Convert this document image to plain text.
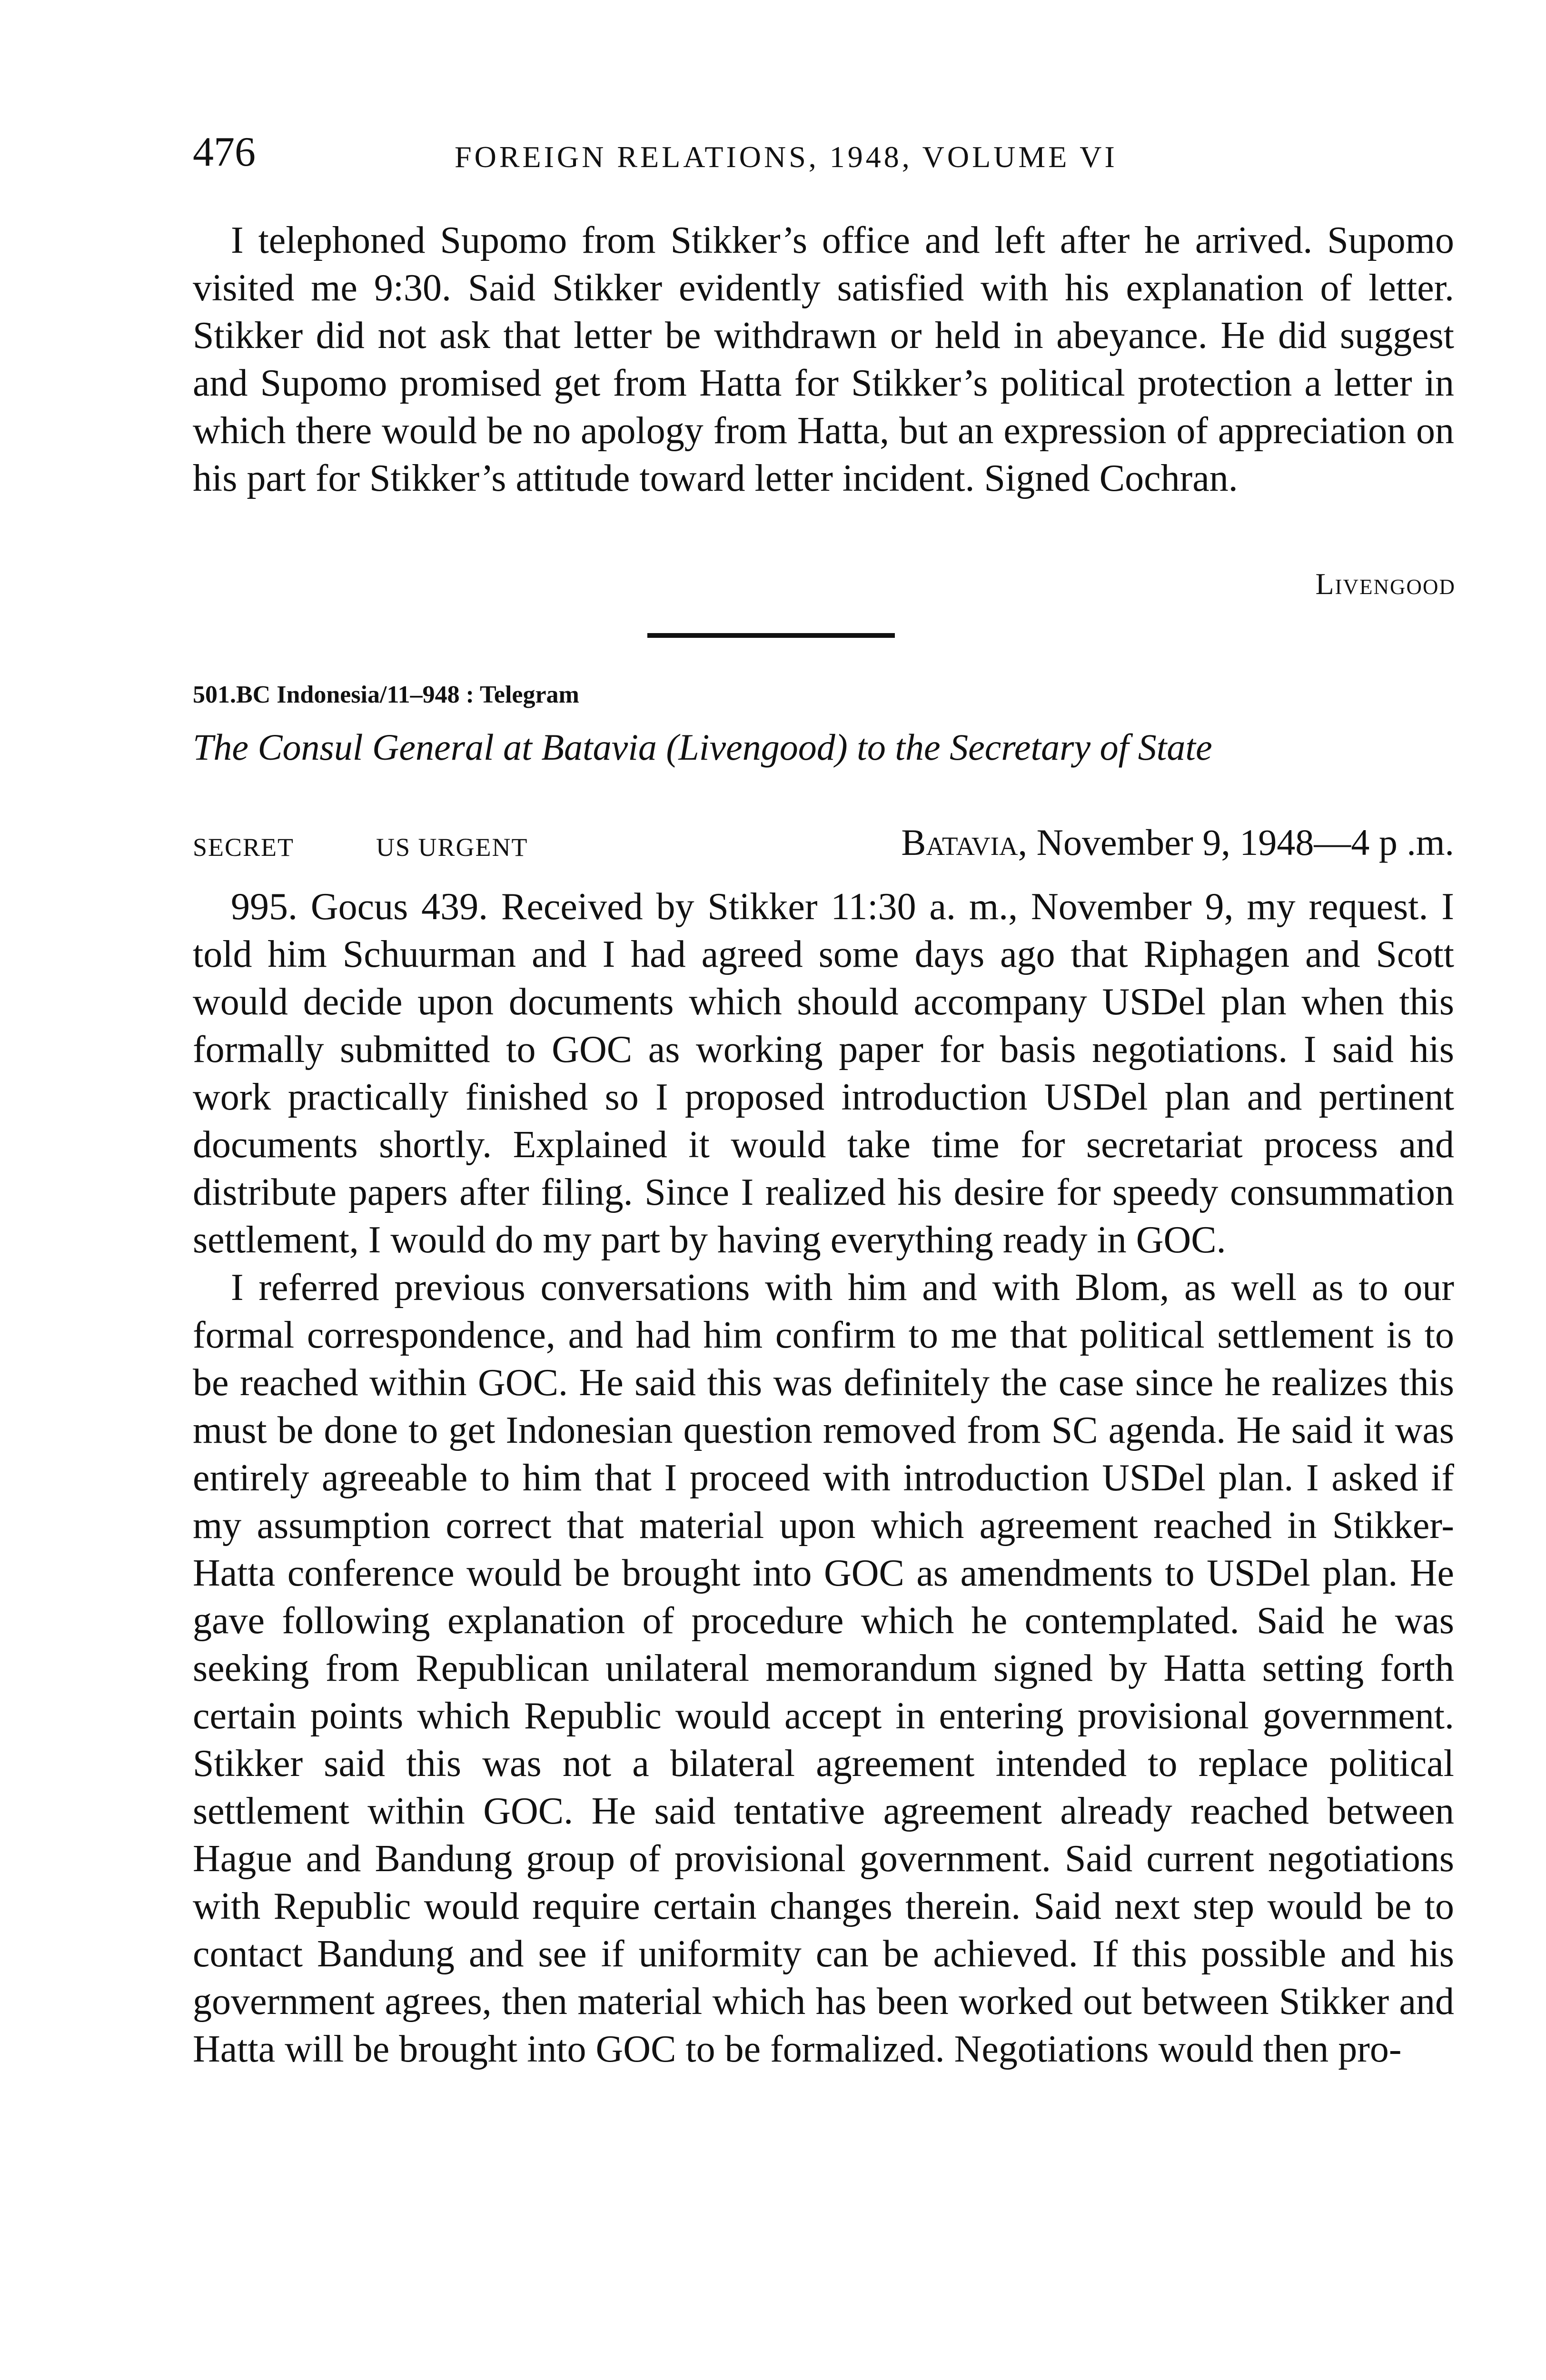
476	FOREIGN RELATIONS, 1948, VOLUME VI

I telephoned Supomo from Stikker’s office and left after he arrived. Supomo visited me 9:30. Said Stikker evidently satisfied with his explanation of letter. Stikker did not ask that letter be withdrawn or held in abeyance. He did suggest and Supomo promised get from Hatta for Stikker’s political protection a letter in which there would be no apology from Hatta, but an expression of appreciation on his part for Stikker’s attitude toward letter incident. Signed Cochran.

Livengood
501.BC Indonesia/11–948 : Telegram
The Consul General at Batavia (Livengood) to the Secretary of State
SECRET	US URGENT	Batavia, November 9, 1948—4 p .m.

995. Gocus 439. Received by Stikker 11:30 a. m., November 9, my request. I told him Schuurman and I had agreed some days ago that Riphagen and Scott would decide upon documents which should accompany USDel plan when this formally submitted to GOC as working paper for basis negotiations. I said his work practically finished so I proposed introduction USDel plan and pertinent documents shortly. Explained it would take time for secretariat process and distribute papers after filing. Since I realized his desire for speedy consummation settlement, I would do my part by having everything ready in GOC.

I referred previous conversations with him and with Blom, as well as to our formal correspondence, and had him confirm to me that political settlement is to be reached within GOC. He said this was definitely the case since he realizes this must be done to get Indonesian question removed from SC agenda. He said it was entirely agreeable to him that I proceed with introduction USDel plan. I asked if my assumption correct that material upon which agreement reached in Stikker-Hatta conference would be brought into GOC as amendments to USDel plan. He gave following explanation of procedure which he contemplated. Said he was seeking from Republican unilateral memorandum signed by Hatta setting forth certain points which Republic would accept in entering provisional government. Stikker said this was not a bilateral agreement intended to replace political settlement within GOC. He said tentative agreement already reached between Hague and Bandung group of provisional government. Said current negotiations with Republic would require certain changes therein. Said next step would be to contact Bandung and see if uniformity can be achieved. If this possible and his government agrees, then material which has been worked out between Stikker and Hatta will be brought into GOC to be formalized. Negotiations would then pro-
